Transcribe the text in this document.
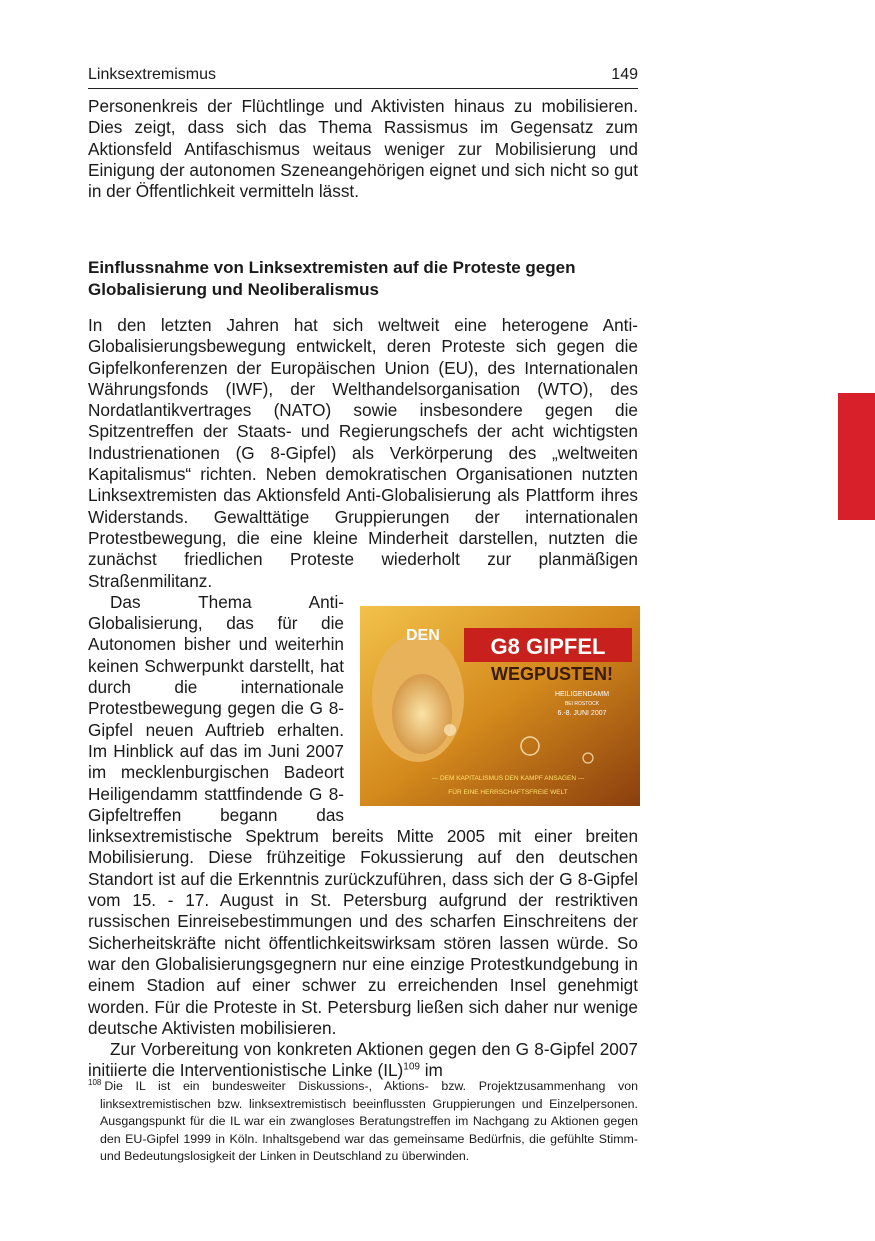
Linksextremismus	149

Personenkreis der Flüchtlinge und Aktivisten hinaus zu mobilisieren. Dies zeigt, dass sich das Thema Rassismus im Gegensatz zum Aktionsfeld Antifaschismus weitaus weniger zur Mobilisierung und Einigung der autonomen Szeneangehörigen eignet und sich nicht so gut in der Öffentlichkeit vermitteln lässt.

Einflussnahme von Linksextremisten auf die Proteste gegen Globalisierung und Neoliberalismus

In den letzten Jahren hat sich weltweit eine heterogene Anti-Globalisierungsbewegung entwickelt, deren Proteste sich gegen die Gipfelkonferenzen der Europäischen Union (EU), des Internationalen Währungsfonds (IWF), der Welthandelsorganisation (WTO), des Nordatlantikvertrages (NATO) sowie insbesondere gegen die Spitzentreffen der Staats- und Regierungschefs der acht wichtigsten Industrienationen (G 8-Gipfel) als Verkörperung des „weltweiten Kapitalismus“ richten. Neben demokratischen Organisationen nutzten Linksextremisten das Aktionsfeld Anti-Globalisierung als Plattform ihres Widerstands. Gewalttätige Gruppierungen der internationalen Protestbewegung, die eine kleine Minderheit darstellen, nutzten die zunächst friedlichen Proteste wiederholt zur planmäßigen Straßenmilitanz.

DEN G8 GIPFEL
WEGPUSTEN!
HEILIGENDAMM
BEI ROSTOCK
6.-8. JUNI 2007
--- DEM KAPITALISMUS DEN KAMPF ANSAGEN ---
FÜR EINE HERRSCHAFTSFREIE WELT
Das Thema Anti-Globalisierung, das für die Autonomen bisher und weiterhin keinen Schwerpunkt darstellt, hat durch die internationale Protestbewegung gegen die G 8-Gipfel neuen Auftrieb erhalten. Im Hinblick auf das im Juni 2007 im mecklenburgischen Badeort Heiligendamm stattfindende G 8-Gipfeltreffen begann das linksextremistische Spektrum bereits Mitte 2005 mit einer breiten Mobilisierung. Diese frühzeitige Fokussierung auf den deutschen Standort ist auf die Erkenntnis zurückzuführen, dass sich der G 8-Gipfel vom 15. - 17. August in St. Petersburg aufgrund der restriktiven russischen Einreisebestimmungen und des scharfen Einschreitens der Sicherheitskräfte nicht öffentlichkeitswirksam stören lassen würde. So war den Globalisierungsgegnern nur eine einzige Protestkundgebung in einem Stadion auf einer schwer zu erreichenden Insel genehmigt worden. Für die Proteste in St. Petersburg ließen sich daher nur wenige deutsche Aktivisten mobilisieren.

Zur Vorbereitung von konkreten Aktionen gegen den G 8-Gipfel 2007 initiierte die Interventionistische Linke (IL)$^{109}$ im

$^{108}$ Die IL ist ein bundesweiter Diskussions-, Aktions- bzw. Projektzusammenhang von linksextremistischen bzw. linksextremistisch beeinflussten Gruppierungen und Einzelpersonen. Ausgangspunkt für die IL war ein zwangloses Beratungstreffen im Nachgang zu Aktionen gegen den EU-Gipfel 1999 in Köln. Inhaltsgebend war das gemeinsame Bedürfnis, die gefühlte Stimm- und Bedeutungslosigkeit der Linken in Deutschland zu überwinden.
